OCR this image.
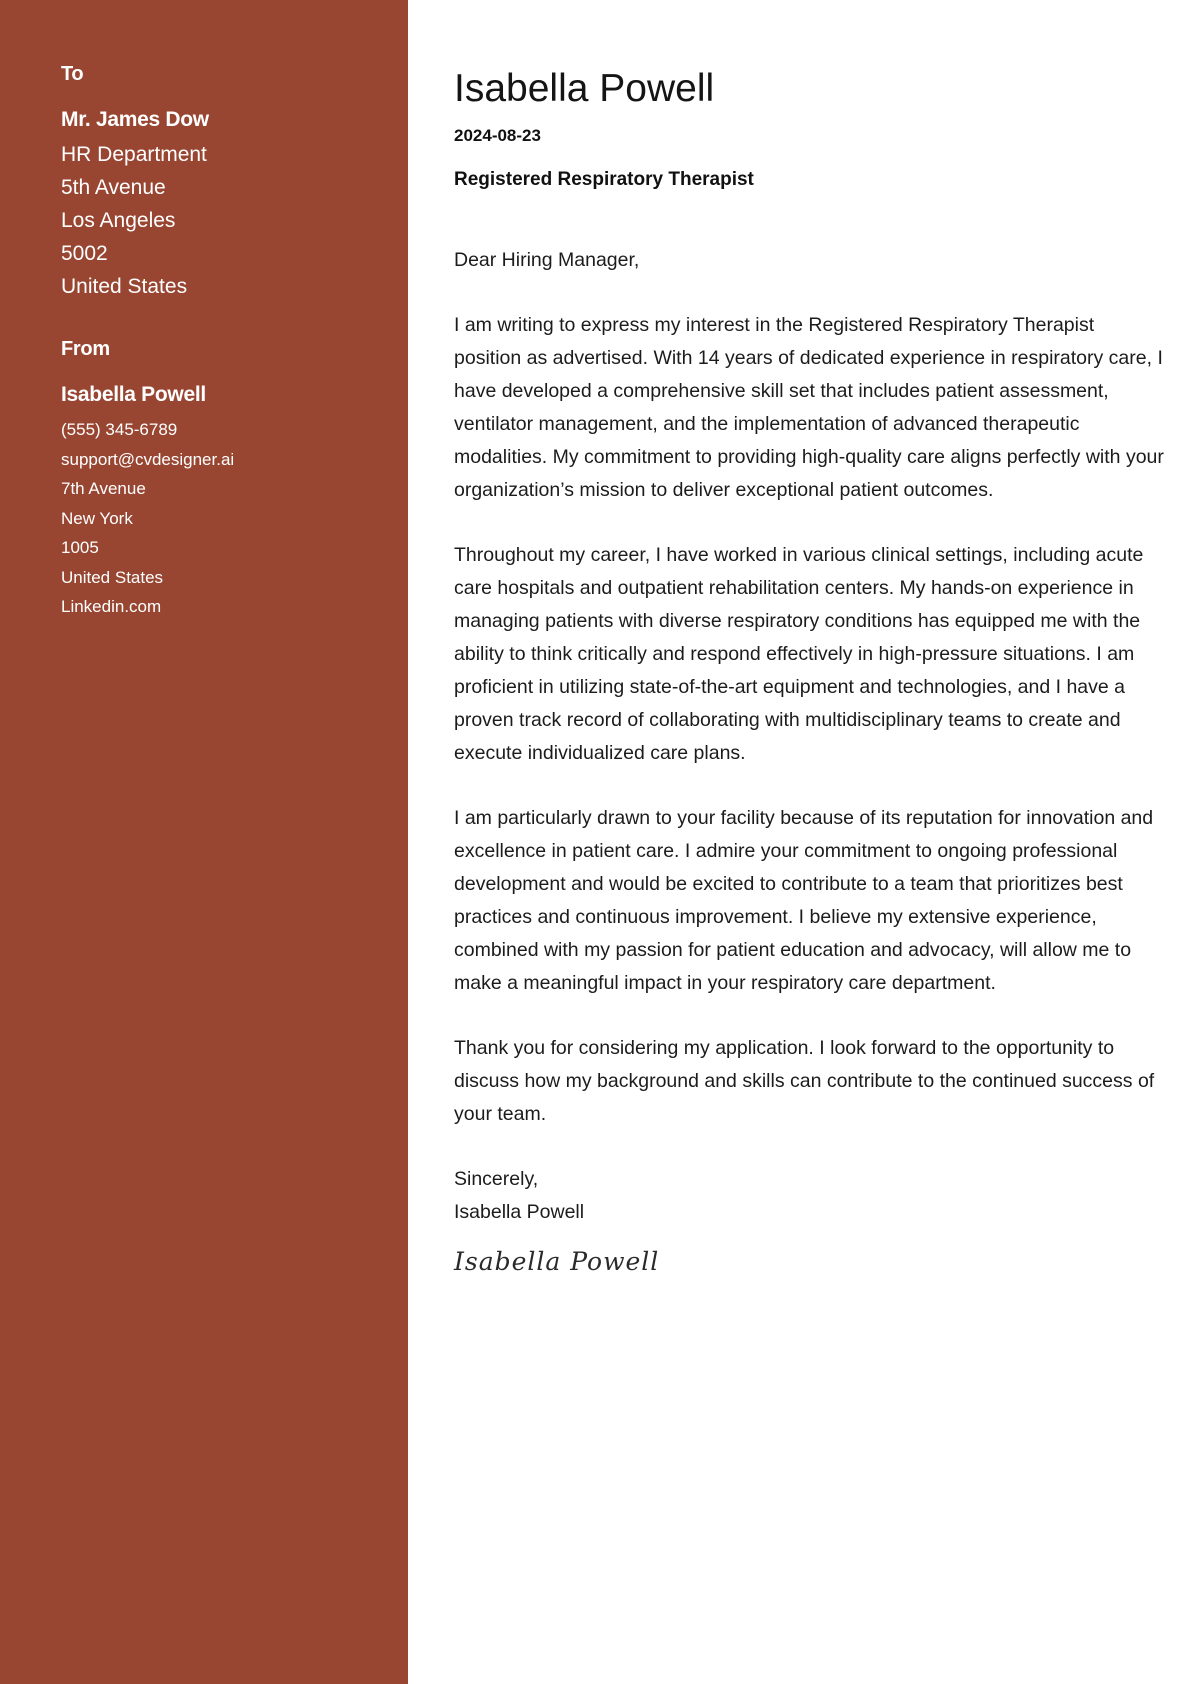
To
Mr. James Dow
HR Department
5th Avenue
Los Angeles
5002
United States
From
Isabella Powell
(555) 345-6789
support@cvdesigner.ai
7th Avenue
New York
1005
United States
Linkedin.com
Isabella Powell
2024-08-23
Registered Respiratory Therapist
Dear Hiring Manager,
I am writing to express my interest in the Registered Respiratory Therapist position as advertised. With 14 years of dedicated experience in respiratory care, I have developed a comprehensive skill set that includes patient assessment, ventilator management, and the implementation of advanced therapeutic modalities. My commitment to providing high-quality care aligns perfectly with your organization’s mission to deliver exceptional patient outcomes.
Throughout my career, I have worked in various clinical settings, including acute care hospitals and outpatient rehabilitation centers. My hands-on experience in managing patients with diverse respiratory conditions has equipped me with the ability to think critically and respond effectively in high-pressure situations. I am proficient in utilizing state-of-the-art equipment and technologies, and I have a proven track record of collaborating with multidisciplinary teams to create and execute individualized care plans.
I am particularly drawn to your facility because of its reputation for innovation and excellence in patient care. I admire your commitment to ongoing professional development and would be excited to contribute to a team that prioritizes best practices and continuous improvement. I believe my extensive experience, combined with my passion for patient education and advocacy, will allow me to make a meaningful impact in your respiratory care department.
Thank you for considering my application. I look forward to the opportunity to discuss how my background and skills can contribute to the continued success of your team.
Sincerely,
Isabella Powell
Isabella Powell
